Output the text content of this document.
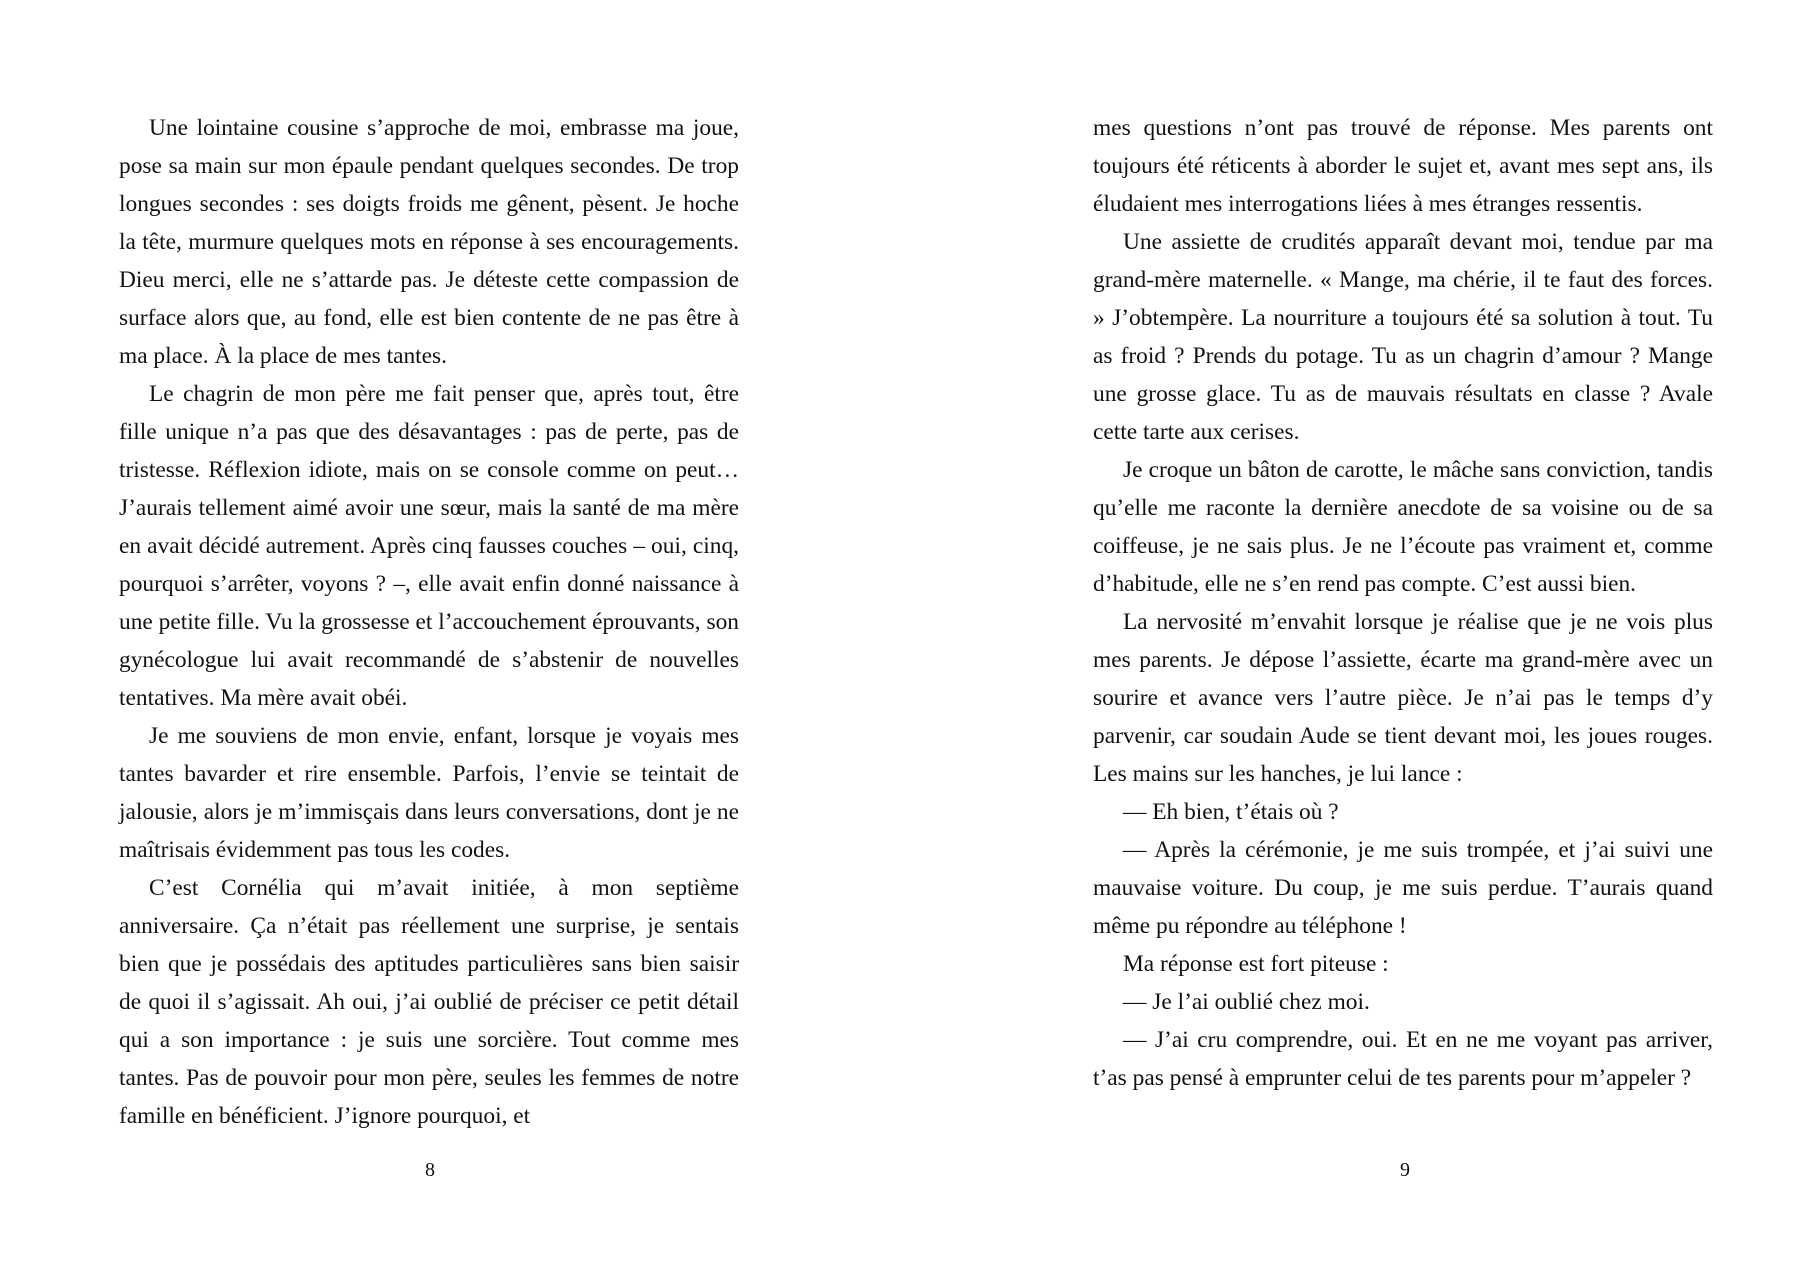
Une lointaine cousine s’approche de moi, embrasse ma joue, pose sa main sur mon épaule pendant quelques secondes. De trop longues secondes : ses doigts froids me gênent, pèsent. Je hoche la tête, murmure quelques mots en réponse à ses encouragements. Dieu merci, elle ne s’attarde pas. Je déteste cette compassion de surface alors que, au fond, elle est bien contente de ne pas être à ma place. À la place de mes tantes.

Le chagrin de mon père me fait penser que, après tout, être fille unique n’a pas que des désavantages : pas de perte, pas de tristesse. Réflexion idiote, mais on se console comme on peut… J’aurais tellement aimé avoir une sœur, mais la santé de ma mère en avait décidé autrement. Après cinq fausses couches – oui, cinq, pourquoi s’arrêter, voyons ? –, elle avait enfin donné naissance à une petite fille. Vu la grossesse et l’accouchement éprouvants, son gynécologue lui avait recommandé de s’abstenir de nouvelles tentatives. Ma mère avait obéi.

Je me souviens de mon envie, enfant, lorsque je voyais mes tantes bavarder et rire ensemble. Parfois, l’envie se teintait de jalousie, alors je m’immisçais dans leurs conversations, dont je ne maîtrisais évidemment pas tous les codes.

C’est Cornélia qui m’avait initiée, à mon septième anniversaire. Ça n’était pas réellement une surprise, je sentais bien que je possédais des aptitudes particulières sans bien saisir de quoi il s’agissait. Ah oui, j’ai oublié de préciser ce petit détail qui a son importance : je suis une sorcière. Tout comme mes tantes. Pas de pouvoir pour mon père, seules les femmes de notre famille en bénéficient. J’ignore pourquoi, et

8

mes questions n’ont pas trouvé de réponse. Mes parents ont toujours été réticents à aborder le sujet et, avant mes sept ans, ils éludaient mes interrogations liées à mes étranges ressentis.

Une assiette de crudités apparaît devant moi, tendue par ma grand-mère maternelle. « Mange, ma chérie, il te faut des forces. » J’obtempère. La nourriture a toujours été sa solution à tout. Tu as froid ? Prends du potage. Tu as un chagrin d’amour ? Mange une grosse glace. Tu as de mauvais résultats en classe ? Avale cette tarte aux cerises.

Je croque un bâton de carotte, le mâche sans conviction, tandis qu’elle me raconte la dernière anecdote de sa voisine ou de sa coiffeuse, je ne sais plus. Je ne l’écoute pas vraiment et, comme d’habitude, elle ne s’en rend pas compte. C’est aussi bien.

La nervosité m’envahit lorsque je réalise que je ne vois plus mes parents. Je dépose l’assiette, écarte ma grand-mère avec un sourire et avance vers l’autre pièce. Je n’ai pas le temps d’y parvenir, car soudain Aude se tient devant moi, les joues rouges. Les mains sur les hanches, je lui lance :

— Eh bien, t’étais où ?

— Après la cérémonie, je me suis trompée, et j’ai suivi une mauvaise voiture. Du coup, je me suis perdue. T’aurais quand même pu répondre au téléphone !

Ma réponse est fort piteuse :

— Je l’ai oublié chez moi.

— J’ai cru comprendre, oui. Et en ne me voyant pas arriver, t’as pas pensé à emprunter celui de tes parents pour m’appeler ?

9
